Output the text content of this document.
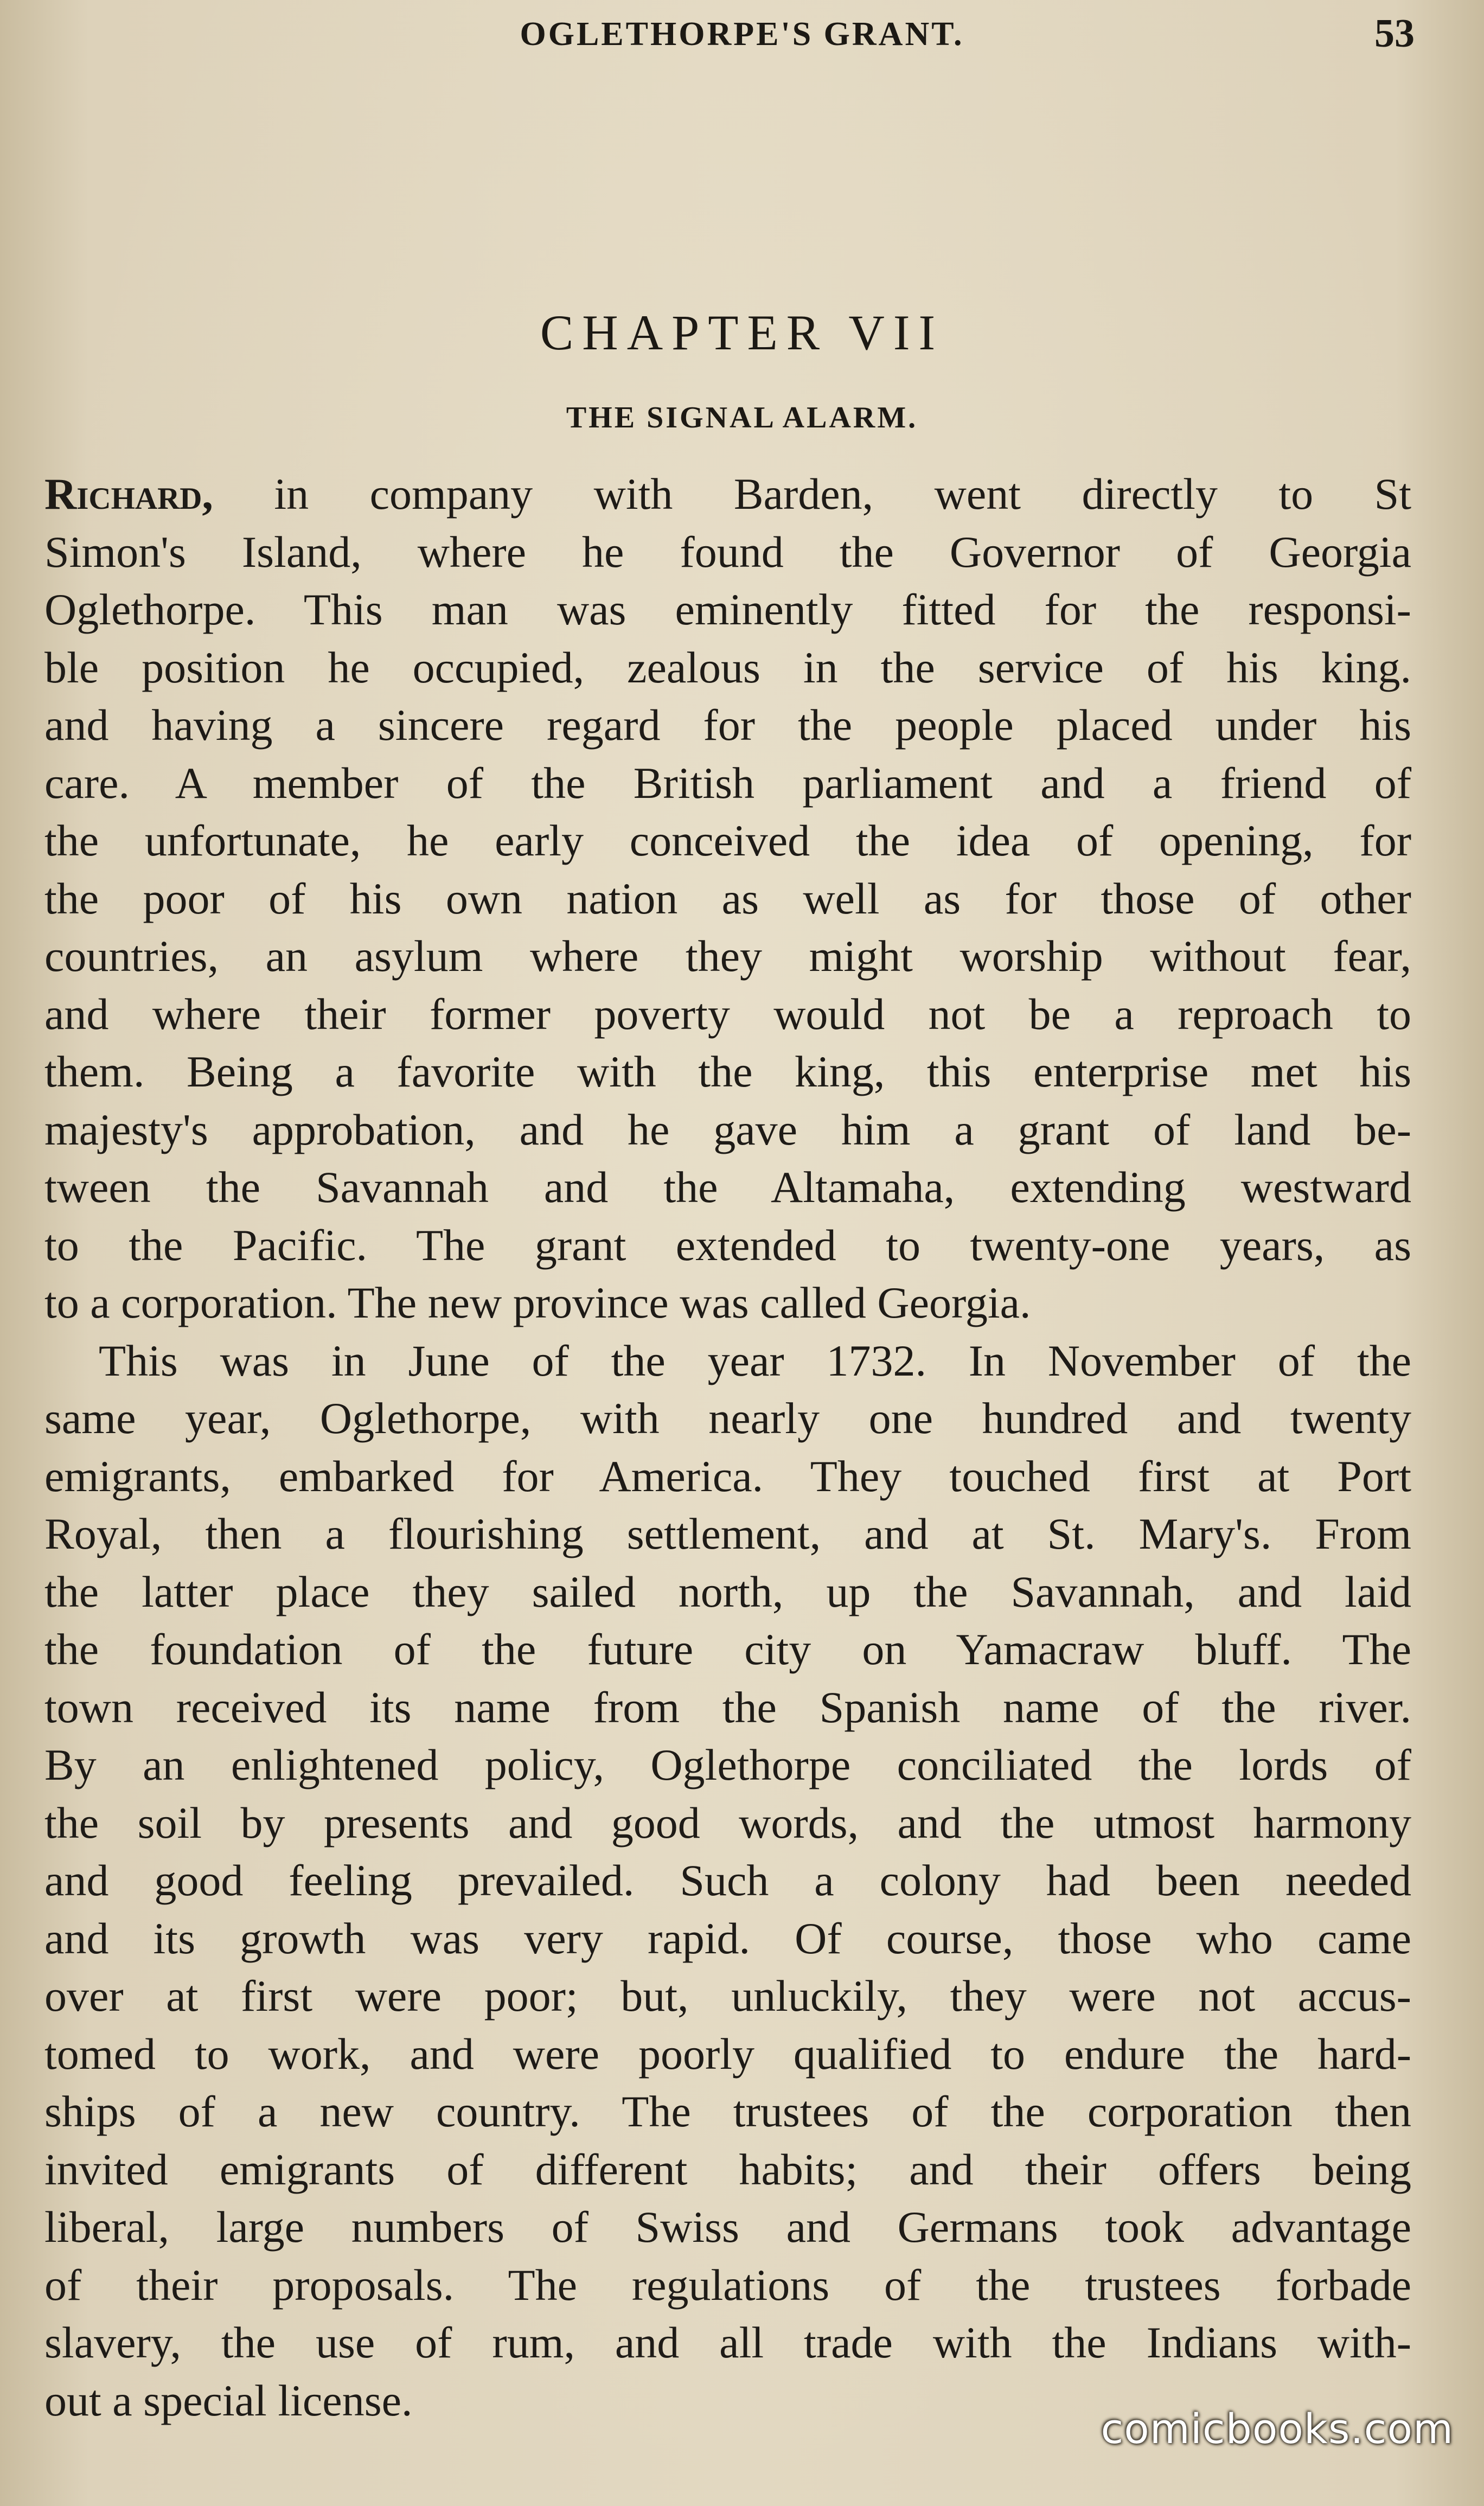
OGLETHORPE'S GRANT.	53
CHAPTER VII
THE SIGNAL ALARM.
Richard, in company with Barden, went directly to St
Simon's Island, where he found the Governor of Georgia
Oglethorpe. This man was eminently fitted for the responsi-
ble position he occupied, zealous in the service of his king.
and having a sincere regard for the people placed under his
care. A member of the British parliament and a friend of
the unfortunate, he early conceived the idea of opening, for
the poor of his own nation as well as for those of other
countries, an asylum where they might worship without fear,
and where their former poverty would not be a reproach to
them. Being a favorite with the king, this enterprise met his
majesty's approbation, and he gave him a grant of land be-
tween the Savannah and the Altamaha, extending westward
to the Pacific. The grant extended to twenty-one years, as
to a corporation. The new province was called Georgia.
This was in June of the year 1732. In November of the
same year, Oglethorpe, with nearly one hundred and twenty
emigrants, embarked for America. They touched first at Port
Royal, then a flourishing settlement, and at St. Mary's. From
the latter place they sailed north, up the Savannah, and laid
the foundation of the future city on Yamacraw bluff. The
town received its name from the Spanish name of the river.
By an enlightened policy, Oglethorpe conciliated the lords of
the soil by presents and good words, and the utmost harmony
and good feeling prevailed. Such a colony had been needed
and its growth was very rapid. Of course, those who came
over at first were poor; but, unluckily, they were not accus-
tomed to work, and were poorly qualified to endure the hard-
ships of a new country. The trustees of the corporation then
invited emigrants of different habits; and their offers being
liberal, large numbers of Swiss and Germans took advantage
of their proposals. The regulations of the trustees forbade
slavery, the use of rum, and all trade with the Indians with-
out a special license.
comicbooks.com
